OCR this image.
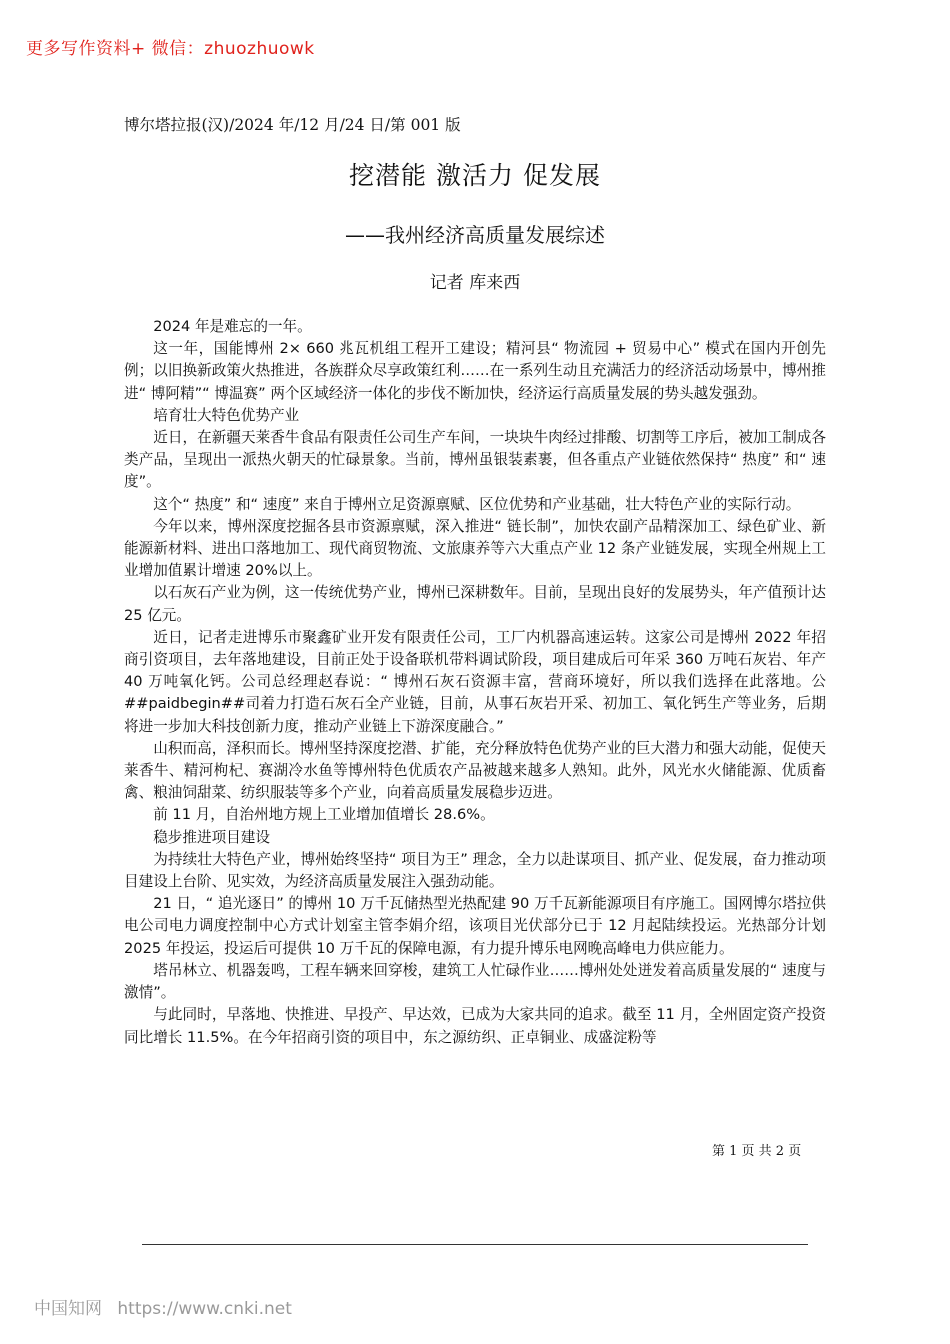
更多写作资料+ 微信：zhuozhuowk
博尔塔拉报(汉)/2024 年/12 月/24 日/第 001 版
挖潜能 激活力 促发展
——我州经济高质量发展综述
记者 库来西

2024 年是难忘的一年。

这一年，国能博州 2× 660 兆瓦机组工程开工建设；精河县“ 物流园 + 贸易中心” 模式在国内开创先例；以旧换新政策火热推进，各族群众尽享政策红利……在一系列生动且充满活力的经济活动场景中，博州推进“ 博阿精”“ 博温赛” 两个区域经济一体化的步伐不断加快，经济运行高质量发展的势头越发强劲。

培育壮大特色优势产业

近日，在新疆天莱香牛食品有限责任公司生产车间，一块块牛肉经过排酸、切割等工序后，被加工制成各类产品，呈现出一派热火朝天的忙碌景象。当前，博州虽银装素裹，但各重点产业链依然保持“ 热度” 和“ 速度”。

这个“ 热度” 和“ 速度” 来自于博州立足资源禀赋、区位优势和产业基础，壮大特色产业的实际行动。

今年以来，博州深度挖掘各县市资源禀赋，深入推进“ 链长制”，加快农副产品精深加工、绿色矿业、新能源新材料、进出口落地加工、现代商贸物流、文旅康养等六大重点产业 12 条产业链发展，实现全州规上工业增加值累计增速 20%以上。

以石灰石产业为例，这一传统优势产业，博州已深耕数年。目前，呈现出良好的发展势头，年产值预计达 25 亿元。

近日，记者走进博乐市聚鑫矿业开发有限责任公司，工厂内机器高速运转。这家公司是博州 2022 年招商引资项目，去年落地建设，目前正处于设备联机带料调试阶段，项目建成后可年采 360 万吨石灰岩、年产 40 万吨氧化钙。公司总经理赵春说：“ 博州石灰石资源丰富，营商环境好，所以我们选择在此落地。公##paidbegin##司着力打造石灰石全产业链，目前，从事石灰岩开采、初加工、氧化钙生产等业务，后期将进一步加大科技创新力度，推动产业链上下游深度融合。”

山积而高，泽积而长。博州坚持深度挖潜、扩能，充分释放特色优势产业的巨大潜力和强大动能，促使天莱香牛、精河枸杞、赛湖冷水鱼等博州特色优质农产品被越来越多人熟知。此外，风光水火储能源、优质畜禽、粮油饲甜菜、纺织服装等多个产业，向着高质量发展稳步迈进。

前 11 月，自治州地方规上工业增加值增长 28.6%。

稳步推进项目建设

为持续壮大特色产业，博州始终坚持“ 项目为王” 理念，全力以赴谋项目、抓产业、促发展，奋力推动项目建设上台阶、见实效，为经济高质量发展注入强劲动能。

21 日，“ 追光逐日” 的博州 10 万千瓦储热型光热配建 90 万千瓦新能源项目有序施工。国网博尔塔拉供电公司电力调度控制中心方式计划室主管李娟介绍，该项目光伏部分已于 12 月起陆续投运。光热部分计划 2025 年投运，投运后可提供 10 万千瓦的保障电源，有力提升博乐电网晚高峰电力供应能力。

塔吊林立、机器轰鸣，工程车辆来回穿梭，建筑工人忙碌作业……博州处处迸发着高质量发展的“ 速度与激情”。

与此同时，早落地、快推进、早投产、早达效，已成为大家共同的追求。截至 11 月，全州固定资产投资同比增长 11.5%。在今年招商引资的项目中，东之源纺织、正卓铜业、成盛淀粉等

第 1 页 共 2 页
中国知网 https://www.cnki.net
